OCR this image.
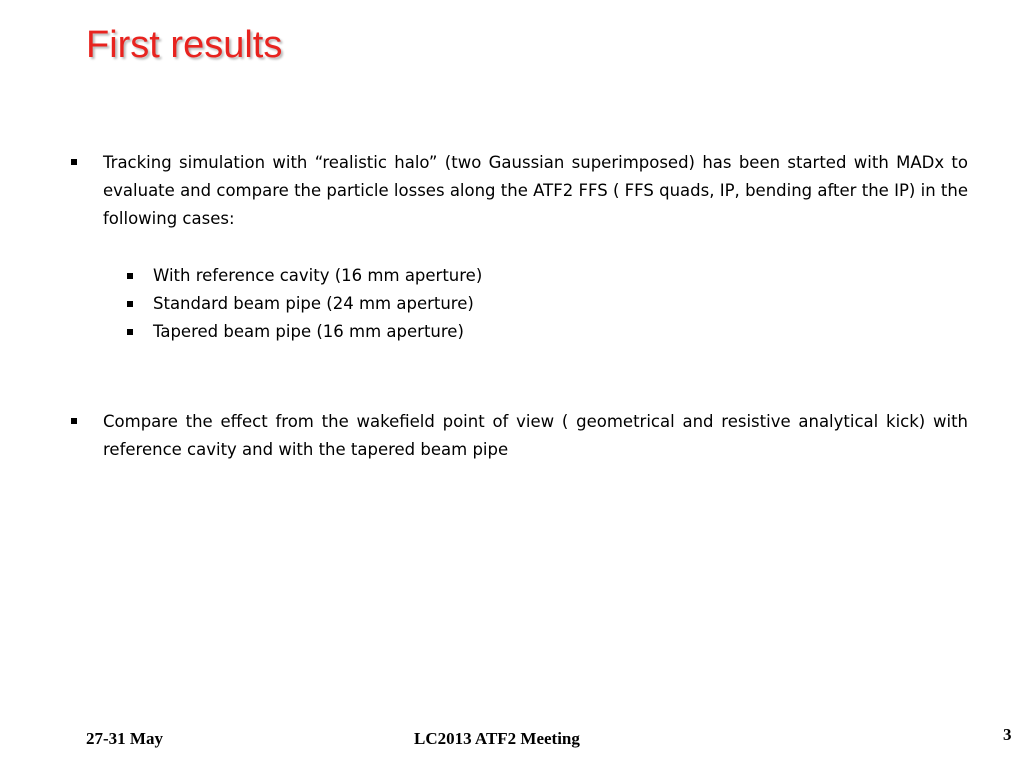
First results
Tracking simulation with “realistic halo” (two Gaussian superimposed) has been started with MADx to evaluate and compare the particle losses along the ATF2 FFS ( FFS quads, IP, bending after the IP) in the following cases:
With reference cavity (16 mm aperture)
Standard beam pipe (24 mm aperture)
Tapered beam pipe (16 mm aperture)
Compare the effect from the wakefield point of view ( geometrical and resistive analytical kick) with reference cavity and with the tapered beam pipe
27-31 May	LC2013 ATF2 Meeting	3
